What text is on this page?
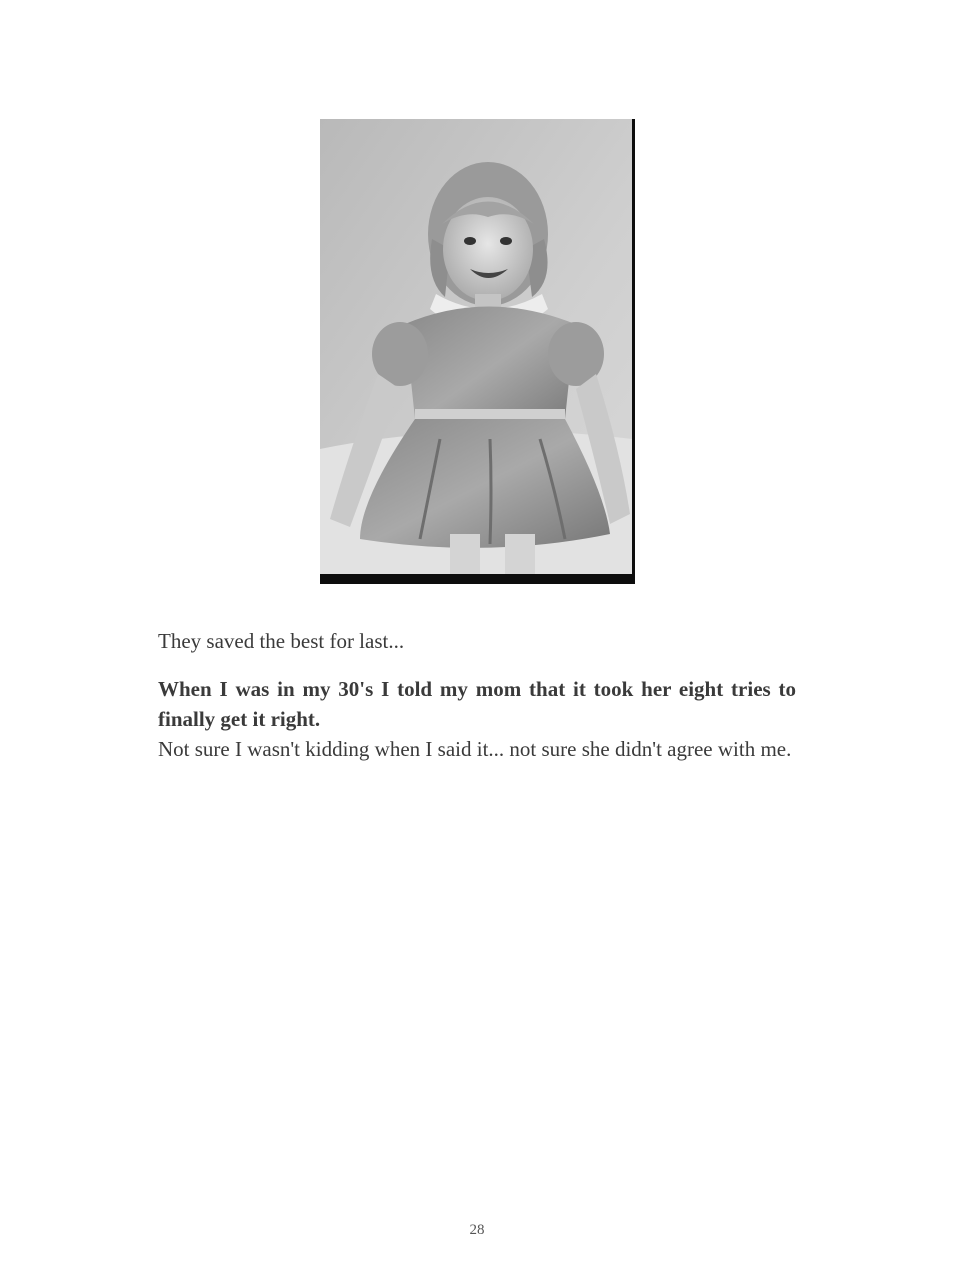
They saved the best for last...
When I was in my 30's I told my mom that it took her eight tries to finally get it right.
Not sure I wasn't kidding when I said it... not sure she didn't agree with me.
28
